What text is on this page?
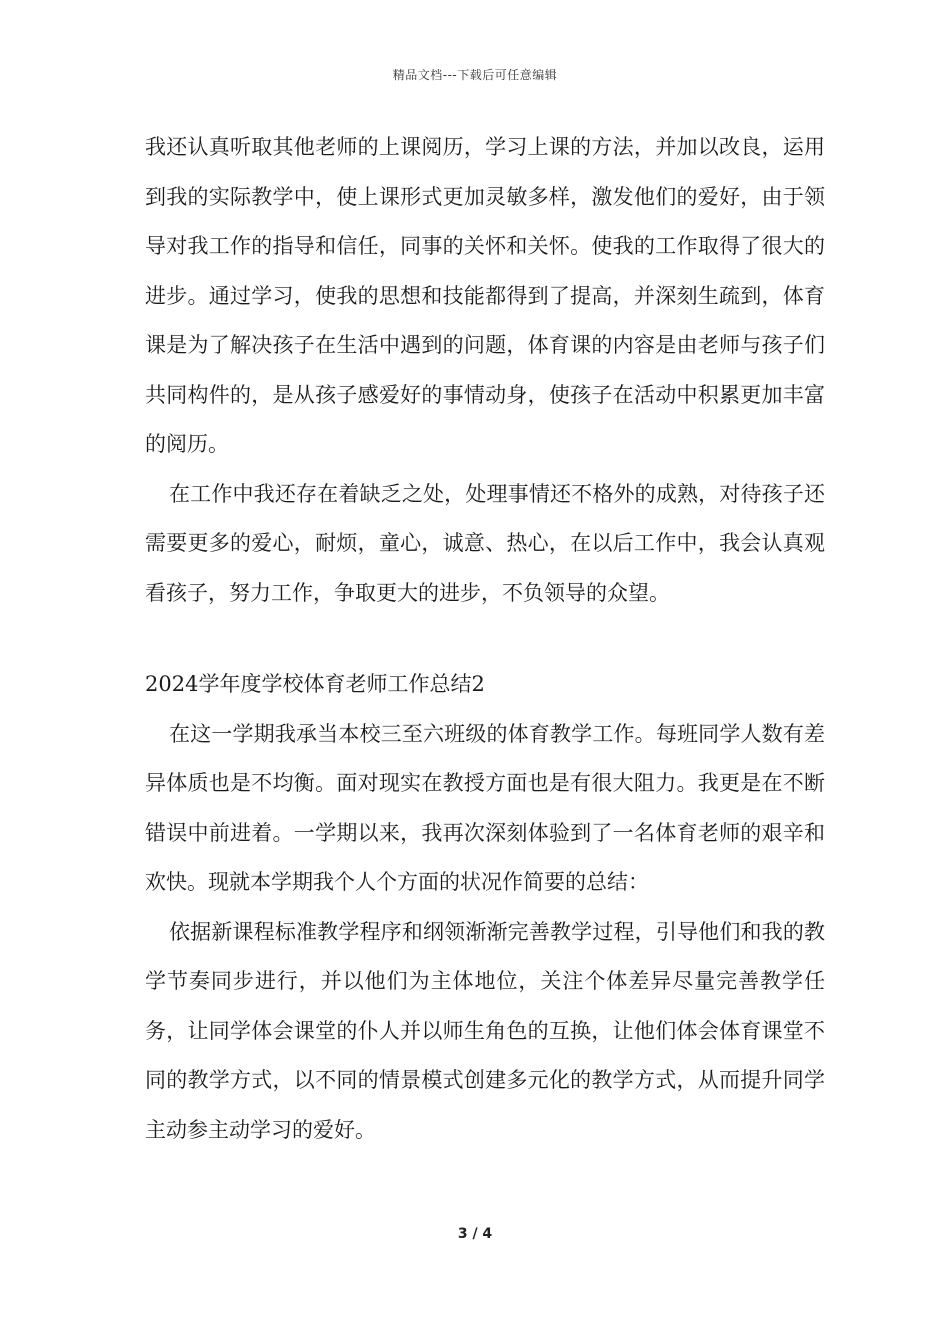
精品文档---下载后可任意编辑

我还认真听取其他老师的上课阅历，学习上课的方法，并加以改良，运用到我的实际教学中，使上课形式更加灵敏多样，激发他们的爱好，由于领导对我工作的指导和信任，同事的关怀和关怀。使我的工作取得了很大的进步。通过学习，使我的思想和技能都得到了提高，并深刻生疏到，体育课是为了解决孩子在生活中遇到的问题，体育课的内容是由老师与孩子们共同构件的，是从孩子感爱好的事情动身，使孩子在活动中积累更加丰富的阅历。

在工作中我还存在着缺乏之处，处理事情还不格外的成熟，对待孩子还需要更多的爱心，耐烦，童心，诚意、热心，在以后工作中，我会认真观看孩子，努力工作，争取更大的进步，不负领导的众望。

2024学年度学校体育老师工作总结2

在这一学期我承当本校三至六班级的体育教学工作。每班同学人数有差异体质也是不均衡。面对现实在教授方面也是有很大阻力。我更是在不断错误中前进着。一学期以来，我再次深刻体验到了一名体育老师的艰辛和欢快。现就本学期我个人个方面的状况作简要的总结：

依据新课程标准教学程序和纲领渐渐完善教学过程，引导他们和我的教学节奏同步进行，并以他们为主体地位，关注个体差异尽量完善教学任务，让同学体会课堂的仆人并以师生角色的互换，让他们体会体育课堂不同的教学方式，以不同的情景模式创建多元化的教学方式，从而提升同学主动参主动学习的爱好。

3 / 4
